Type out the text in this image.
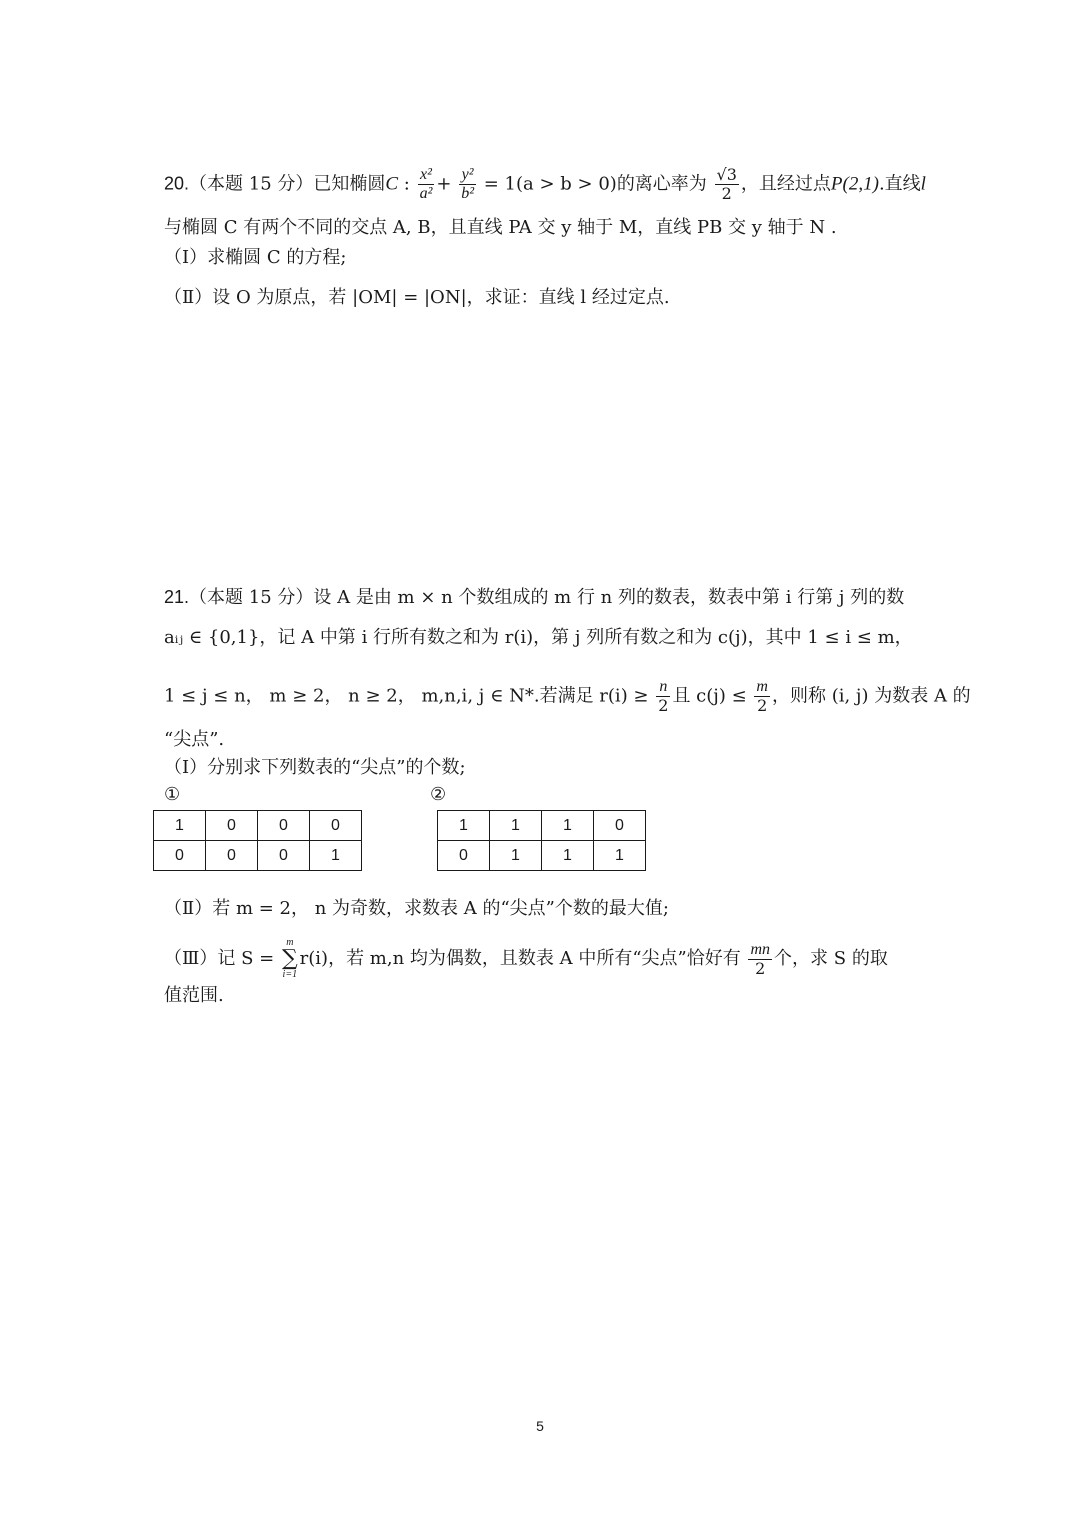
20.（本题 15 分）已知椭圆C : $\frac{\text{x²}}{\text{a²}} + \frac{\text{y²}}{\text{b²}} = 1(a > b > 0)$的离心率为 $\frac{√3}{2}$ ，且经过点P(2,1).直线l
与椭圆 C 有两个不同的交点 A, B，且直线 PA 交 y 轴于 M，直线 PB 交 y 轴于 N .
（Ⅰ）求椭圆 C 的方程;
（Ⅱ）设 O 为原点，若 |OM| = |ON|，求证：直线 l 经过定点.
21.（本题 15 分）设 A 是由 m × n 个数组成的 m 行 n 列的数表，数表中第 i 行第 j 列的数
aᵢⱼ ∈ {0,1}，记 A 中第 i 行所有数之和为 r(i)，第 j 列所有数之和为 c(j)，其中 1 ≤ i ≤ m，
1 ≤ j ≤ n， m ≥ 2， n ≥ 2， m,n,i, j ∈ N*.若满足 $r(i) \ge \frac{n}{2}$ 且 $c(j) \le \frac{m}{2}$ ，则称 (i, j) 为数表 A 的
“尖点”.
（Ⅰ）分别求下列数表的“尖点”的个数;
①	②
1	0	0	0
0	0	0	1
1	1	1	0
0	1	1	1
（Ⅱ）若 m = 2， n 为奇数，求数表 A 的“尖点”个数的最大值;
（Ⅲ）记 S =
m
∑
i=1
r(i)，若 m,n 均为偶数，且数表 A 中所有“尖点”恰好有 $\frac{mn}{2}$ 个，求 S 的取
值范围.
5
